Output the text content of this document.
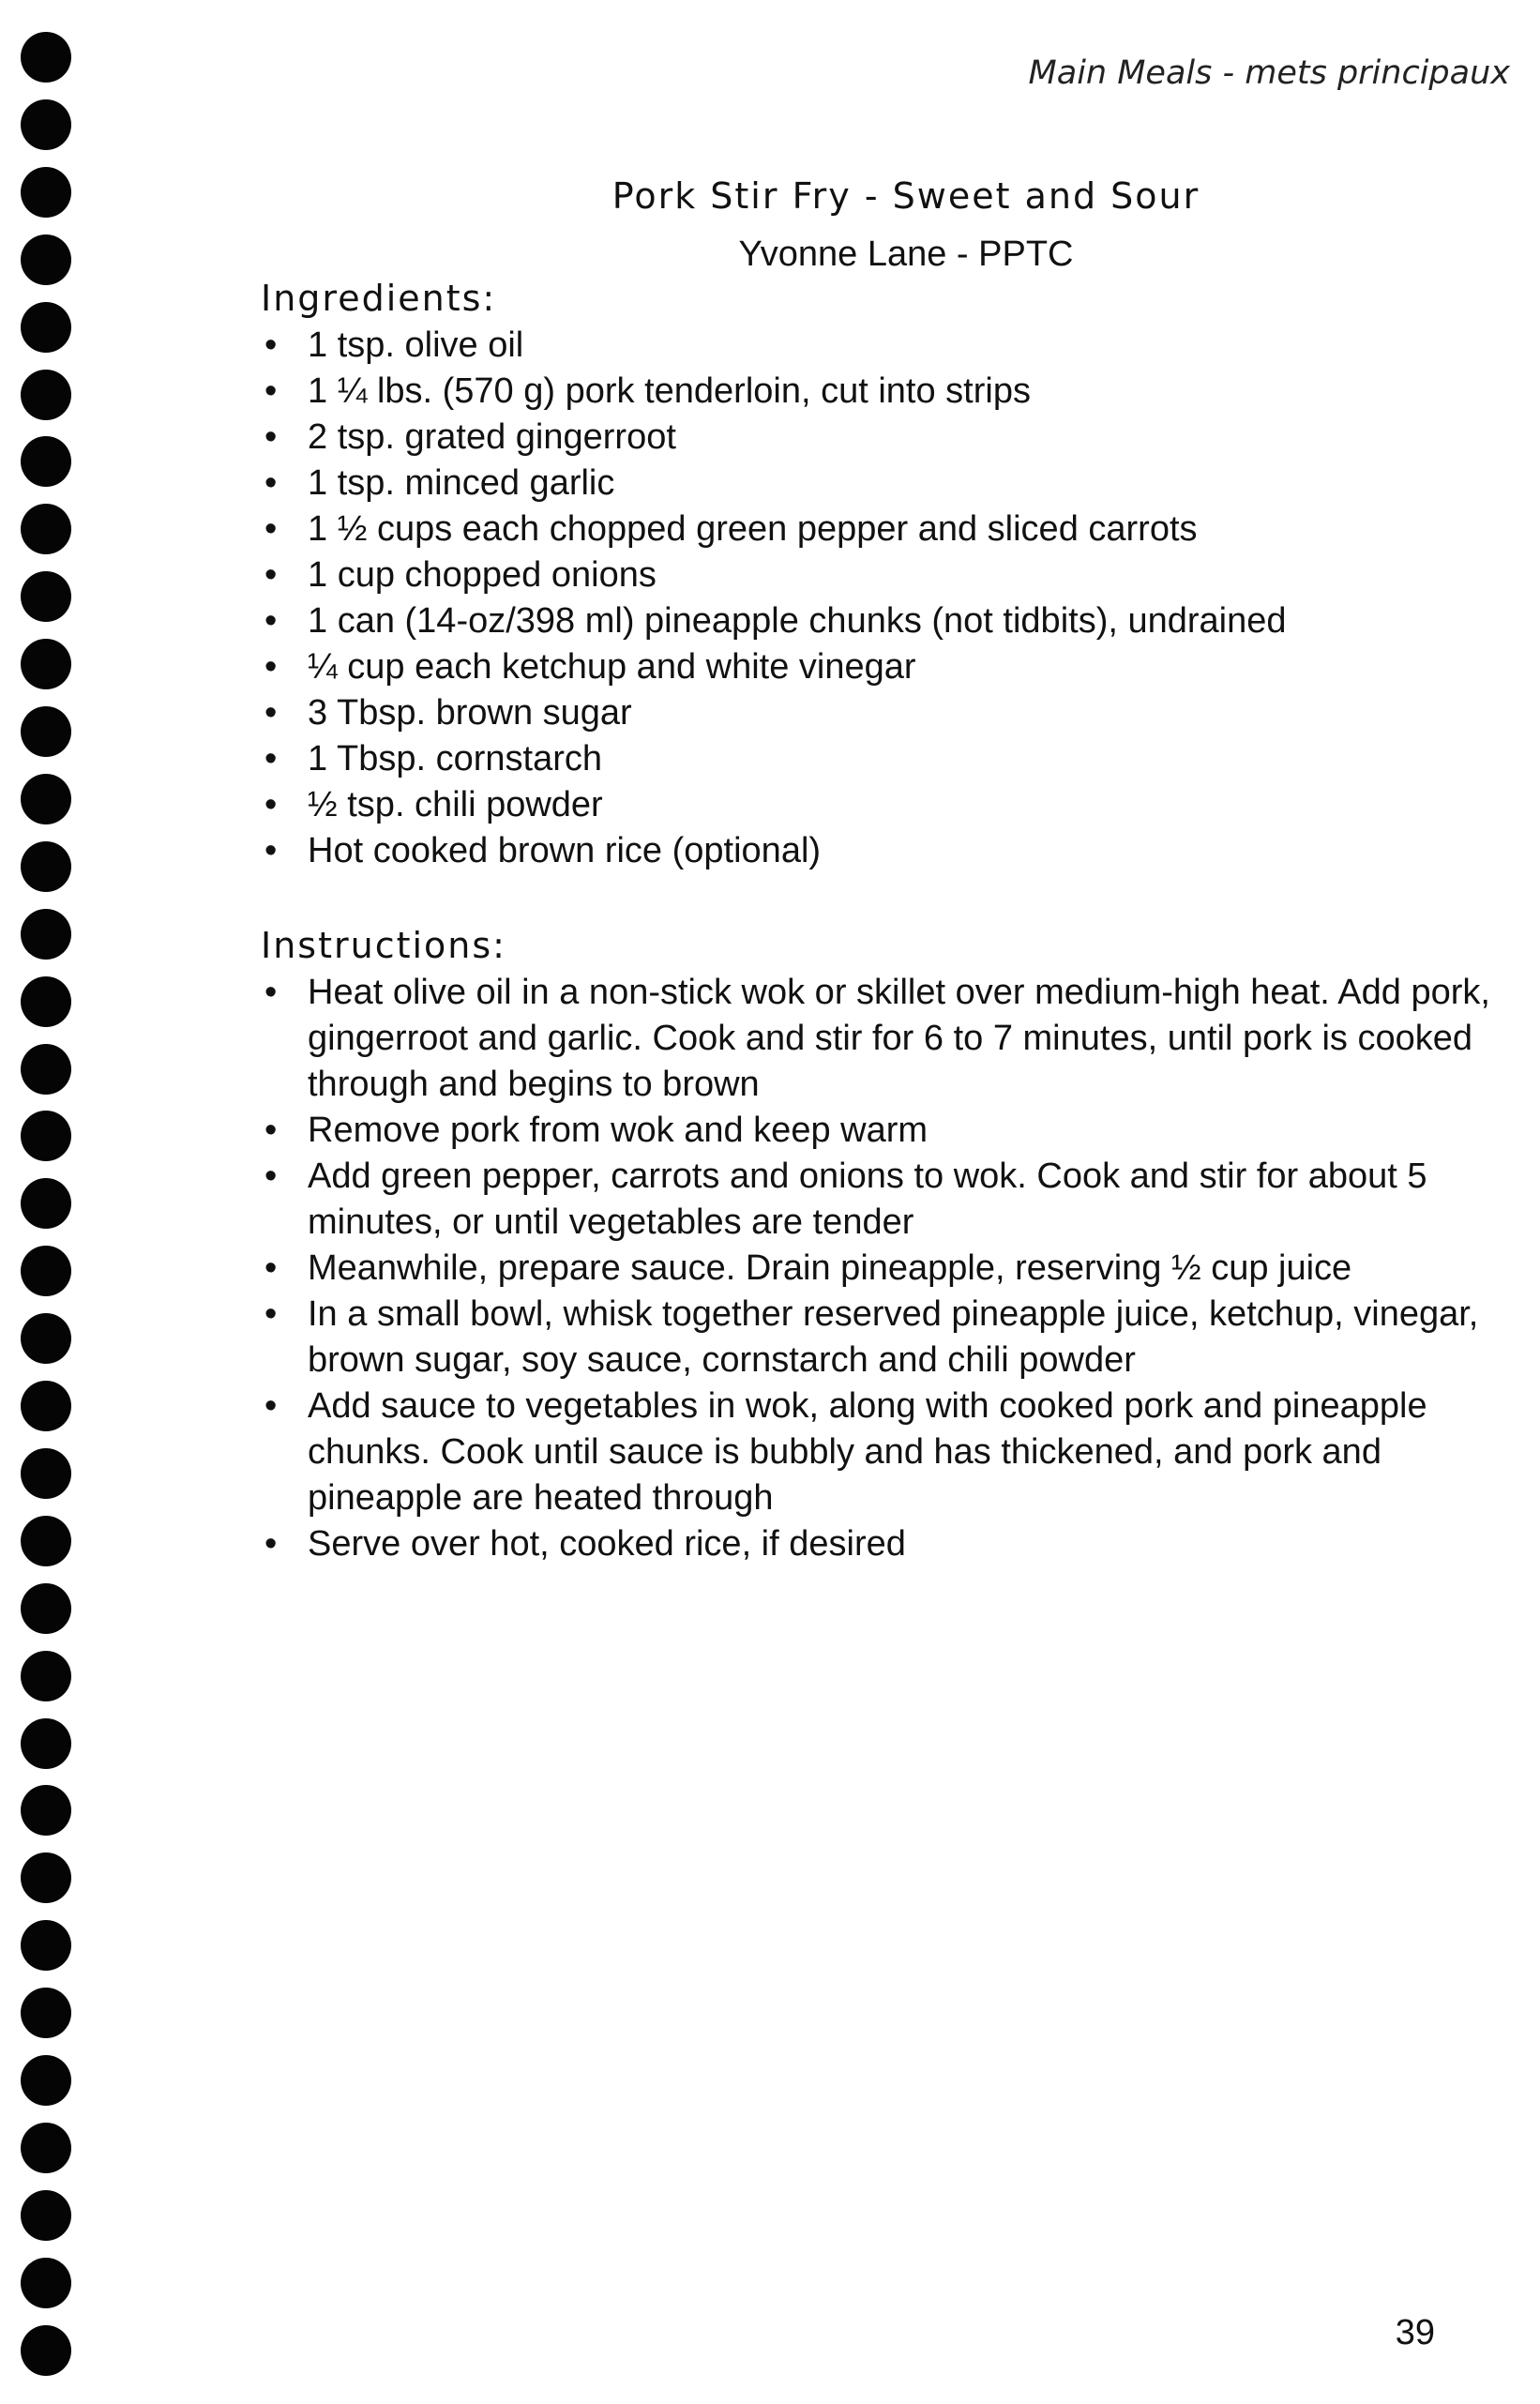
Main Meals - mets principaux
Pork Stir Fry - Sweet and Sour
Yvonne Lane - PPTC
Ingredients:
• 1 tsp. olive oil
• 1 ¼ lbs. (570 g) pork tenderloin, cut into strips
• 2 tsp. grated gingerroot
• 1 tsp. minced garlic
• 1 ½ cups each chopped green pepper and sliced carrots
• 1 cup chopped onions
• 1 can (14-oz/398 ml) pineapple chunks (not tidbits), undrained
• ¼ cup each ketchup and white vinegar
• 3 Tbsp. brown sugar
• 1 Tbsp. cornstarch
• ½ tsp. chili powder
• Hot cooked brown rice (optional)
Instructions:
• Heat olive oil in a non-stick wok or skillet over medium-high heat. Add pork, gingerroot and garlic. Cook and stir for 6 to 7 minutes, until pork is cooked through and begins to brown
• Remove pork from wok and keep warm
• Add green pepper, carrots and onions to wok. Cook and stir for about 5 minutes, or until vegetables are tender
• Meanwhile, prepare sauce. Drain pineapple, reserving ½ cup juice
• In a small bowl, whisk together reserved pineapple juice, ketchup, vinegar, brown sugar, soy sauce, cornstarch and chili powder
• Add sauce to vegetables in wok, along with cooked pork and pineapple chunks. Cook until sauce is bubbly and has thickened, and pork and pineapple are heated through
• Serve over hot, cooked rice, if desired
39
